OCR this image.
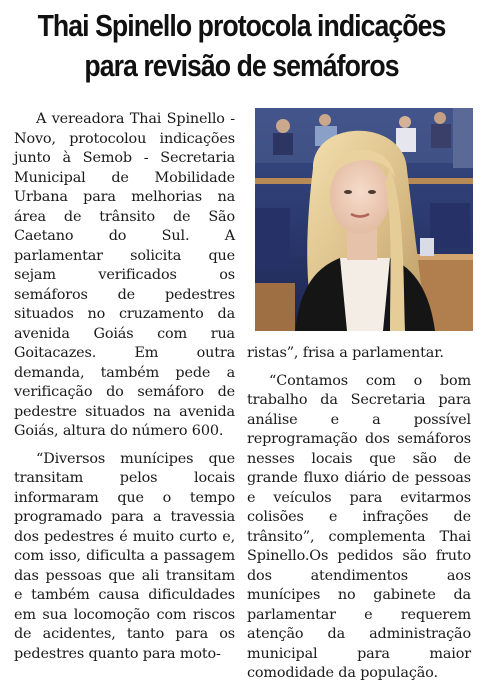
Thai Spinello protocola indicações
para revisão de semáforos

A vereadora Thai Spinello - Novo, protocolou indicações junto à Semob - Secretaria Municipal de Mobilidade Urbana para melhorias na área de trânsito de São Caetano do Sul. A parlamentar solicita que sejam verificados os semáforos de pedestres situados no cruzamento da avenida Goiás com rua Goitacazes. Em outra demanda, também pede a verificação do semáforo de pedestre situados na avenida Goiás, altura do número 600.

“Diversos munícipes que transitam pelos locais informaram que o tempo programado para a travessia dos pedestres é muito curto e, com isso, dificulta a passagem das pessoas que ali transitam e também causa dificuldades em sua locomoção com riscos de acidentes, tanto para os pedestres quanto para moto-

ristas”, frisa a parlamentar.

“Contamos com o bom trabalho da Secretaria para análise e a possível reprogramação dos semáforos nesses locais que são de grande fluxo diário de pessoas e veículos para evitarmos colisões e infrações de trânsito”, complementa Thai Spinello.Os pedidos são fruto dos atendimentos aos munícipes no gabinete da parlamentar e requerem atenção da administração municipal para maior comodidade da população.
